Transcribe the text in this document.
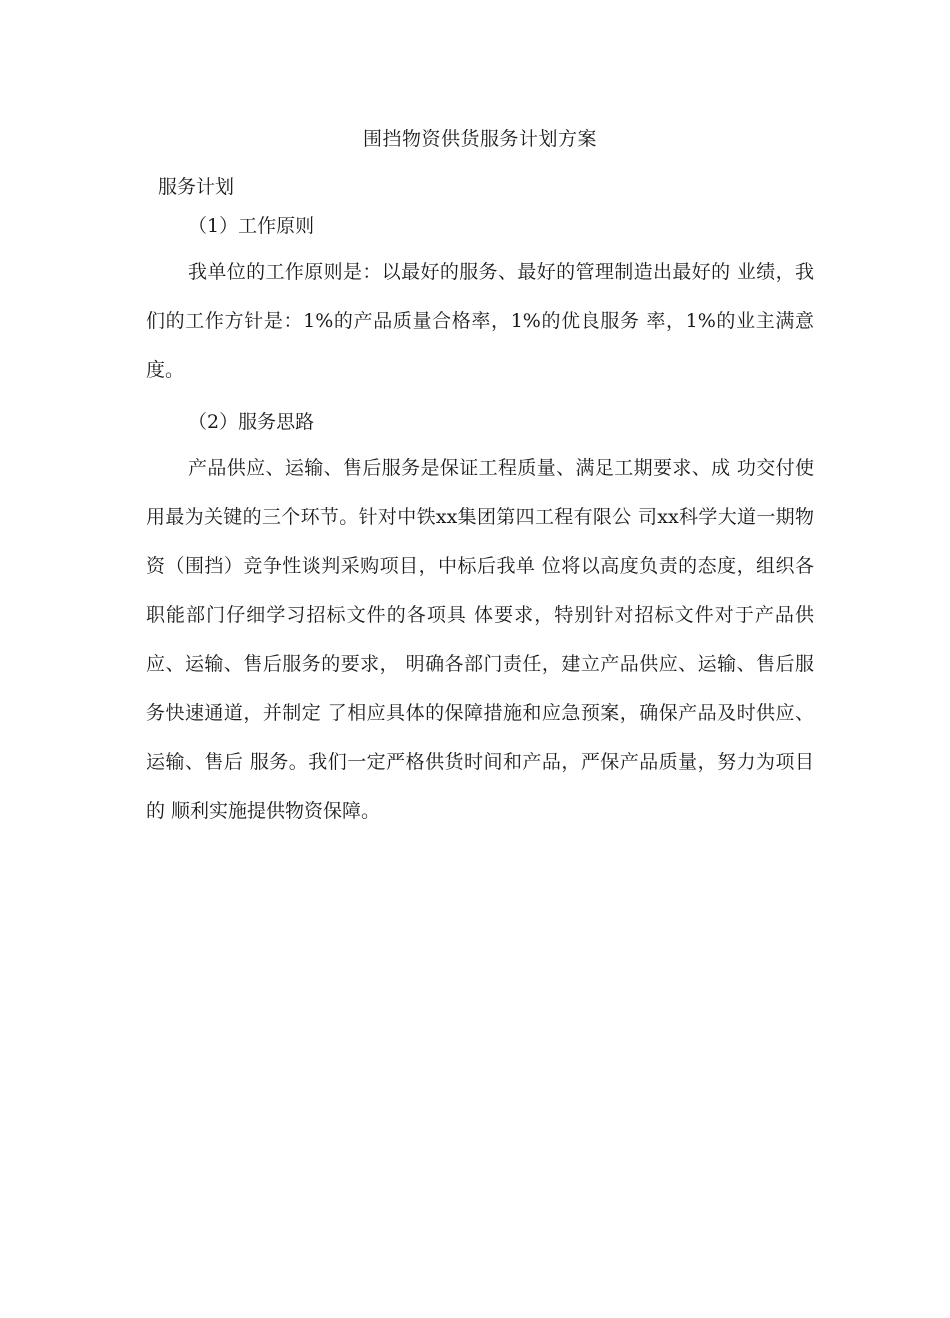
围挡物资供货服务计划方案
服务计划
（1）工作原则

我单位的工作原则是：以最好的服务、最好的管理制造出最好的 业绩，我们的工作方针是：1%的产品质量合格率，1%的优良服务 率，1%的业主满意度。

（2）服务思路

产品供应、运输、售后服务是保证工程质量、满足工期要求、成 功交付使用最为关键的三个环节。针对中铁xx集团第四工程有限公 司xx科学大道一期物资（围挡）竞争性谈判采购项目，中标后我单 位将以高度负责的态度，组织各职能部门仔细学习招标文件的各项具 体要求，特别针对招标文件对于产品供应、运输、售后服务的要求， 明确各部门责任，建立产品供应、运输、售后服务快速通道，并制定 了相应具体的保障措施和应急预案，确保产品及时供应、运输、售后 服务。我们一定严格供货时间和产品，严保产品质量，努力为项目的 顺利实施提供物资保障。
